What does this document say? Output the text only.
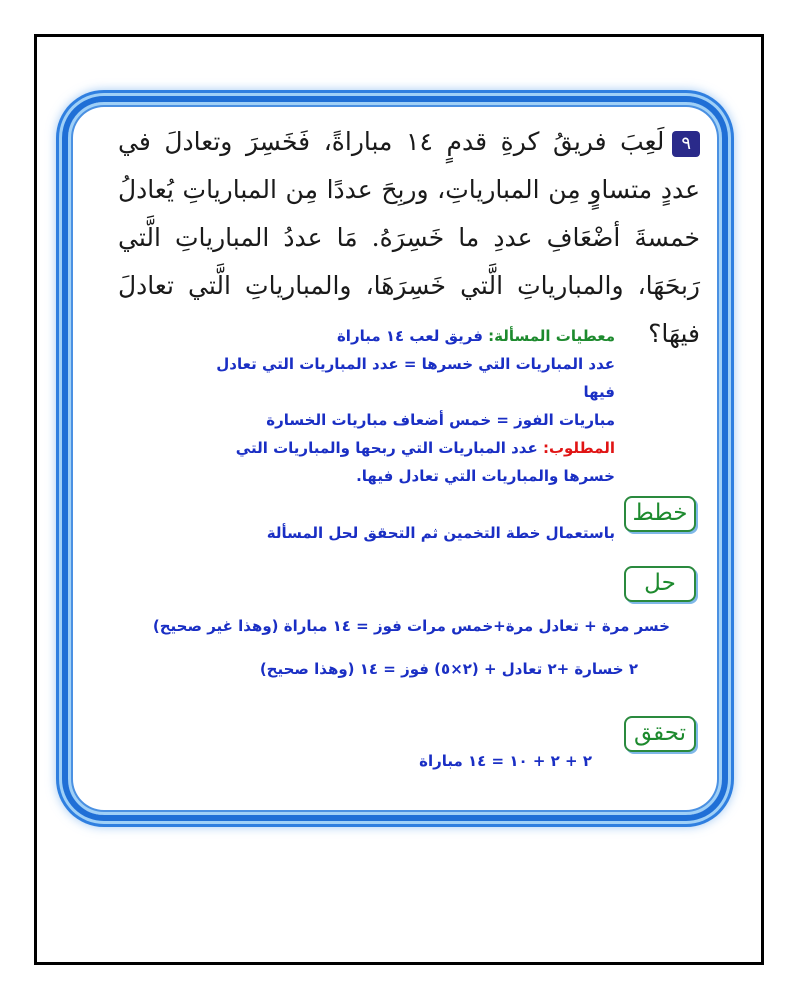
٩لَعِبَ فريقُ كرةِ قدمٍ ١٤ مباراةً، فَخَسِرَ وتعادلَ في عددٍ متساوٍ مِن المبارياتِ، وربِحَ عددًا مِن المبارياتِ يُعادلُ خمسةَ أضْعَافِ عددِ ما خَسِرَهُ. مَا عددُ المبارياتِ الَّتي رَبحَهَا، والمبارياتِ الَّتي خَسِرَهَا، والمبارياتِ الَّتي تعادلَ فيهَا؟
معطيات المسألة: فريق لعب ١٤ مباراة
عدد المباريات التي خسرها = عدد المباريات التي تعادل فيها
مباريات الفوز = خمس أضعاف مباريات الخسارة
المطلوب: عدد المباريات التي ربحها والمباريات التي خسرها والمباريات التي تعادل فيها.
خطط
باستعمال خطة التخمين ثم التحقق لحل المسألة
حل
خسر مرة + تعادل مرة+خمس مرات فوز = ١٤ مباراة (وهذا غير صحيح)
٢ خسارة +٢ تعادل + (٢×٥) فوز = ١٤ (وهذا صحيح)
تحقق
٢ + ٢ + ١٠ = ١٤ مباراة
